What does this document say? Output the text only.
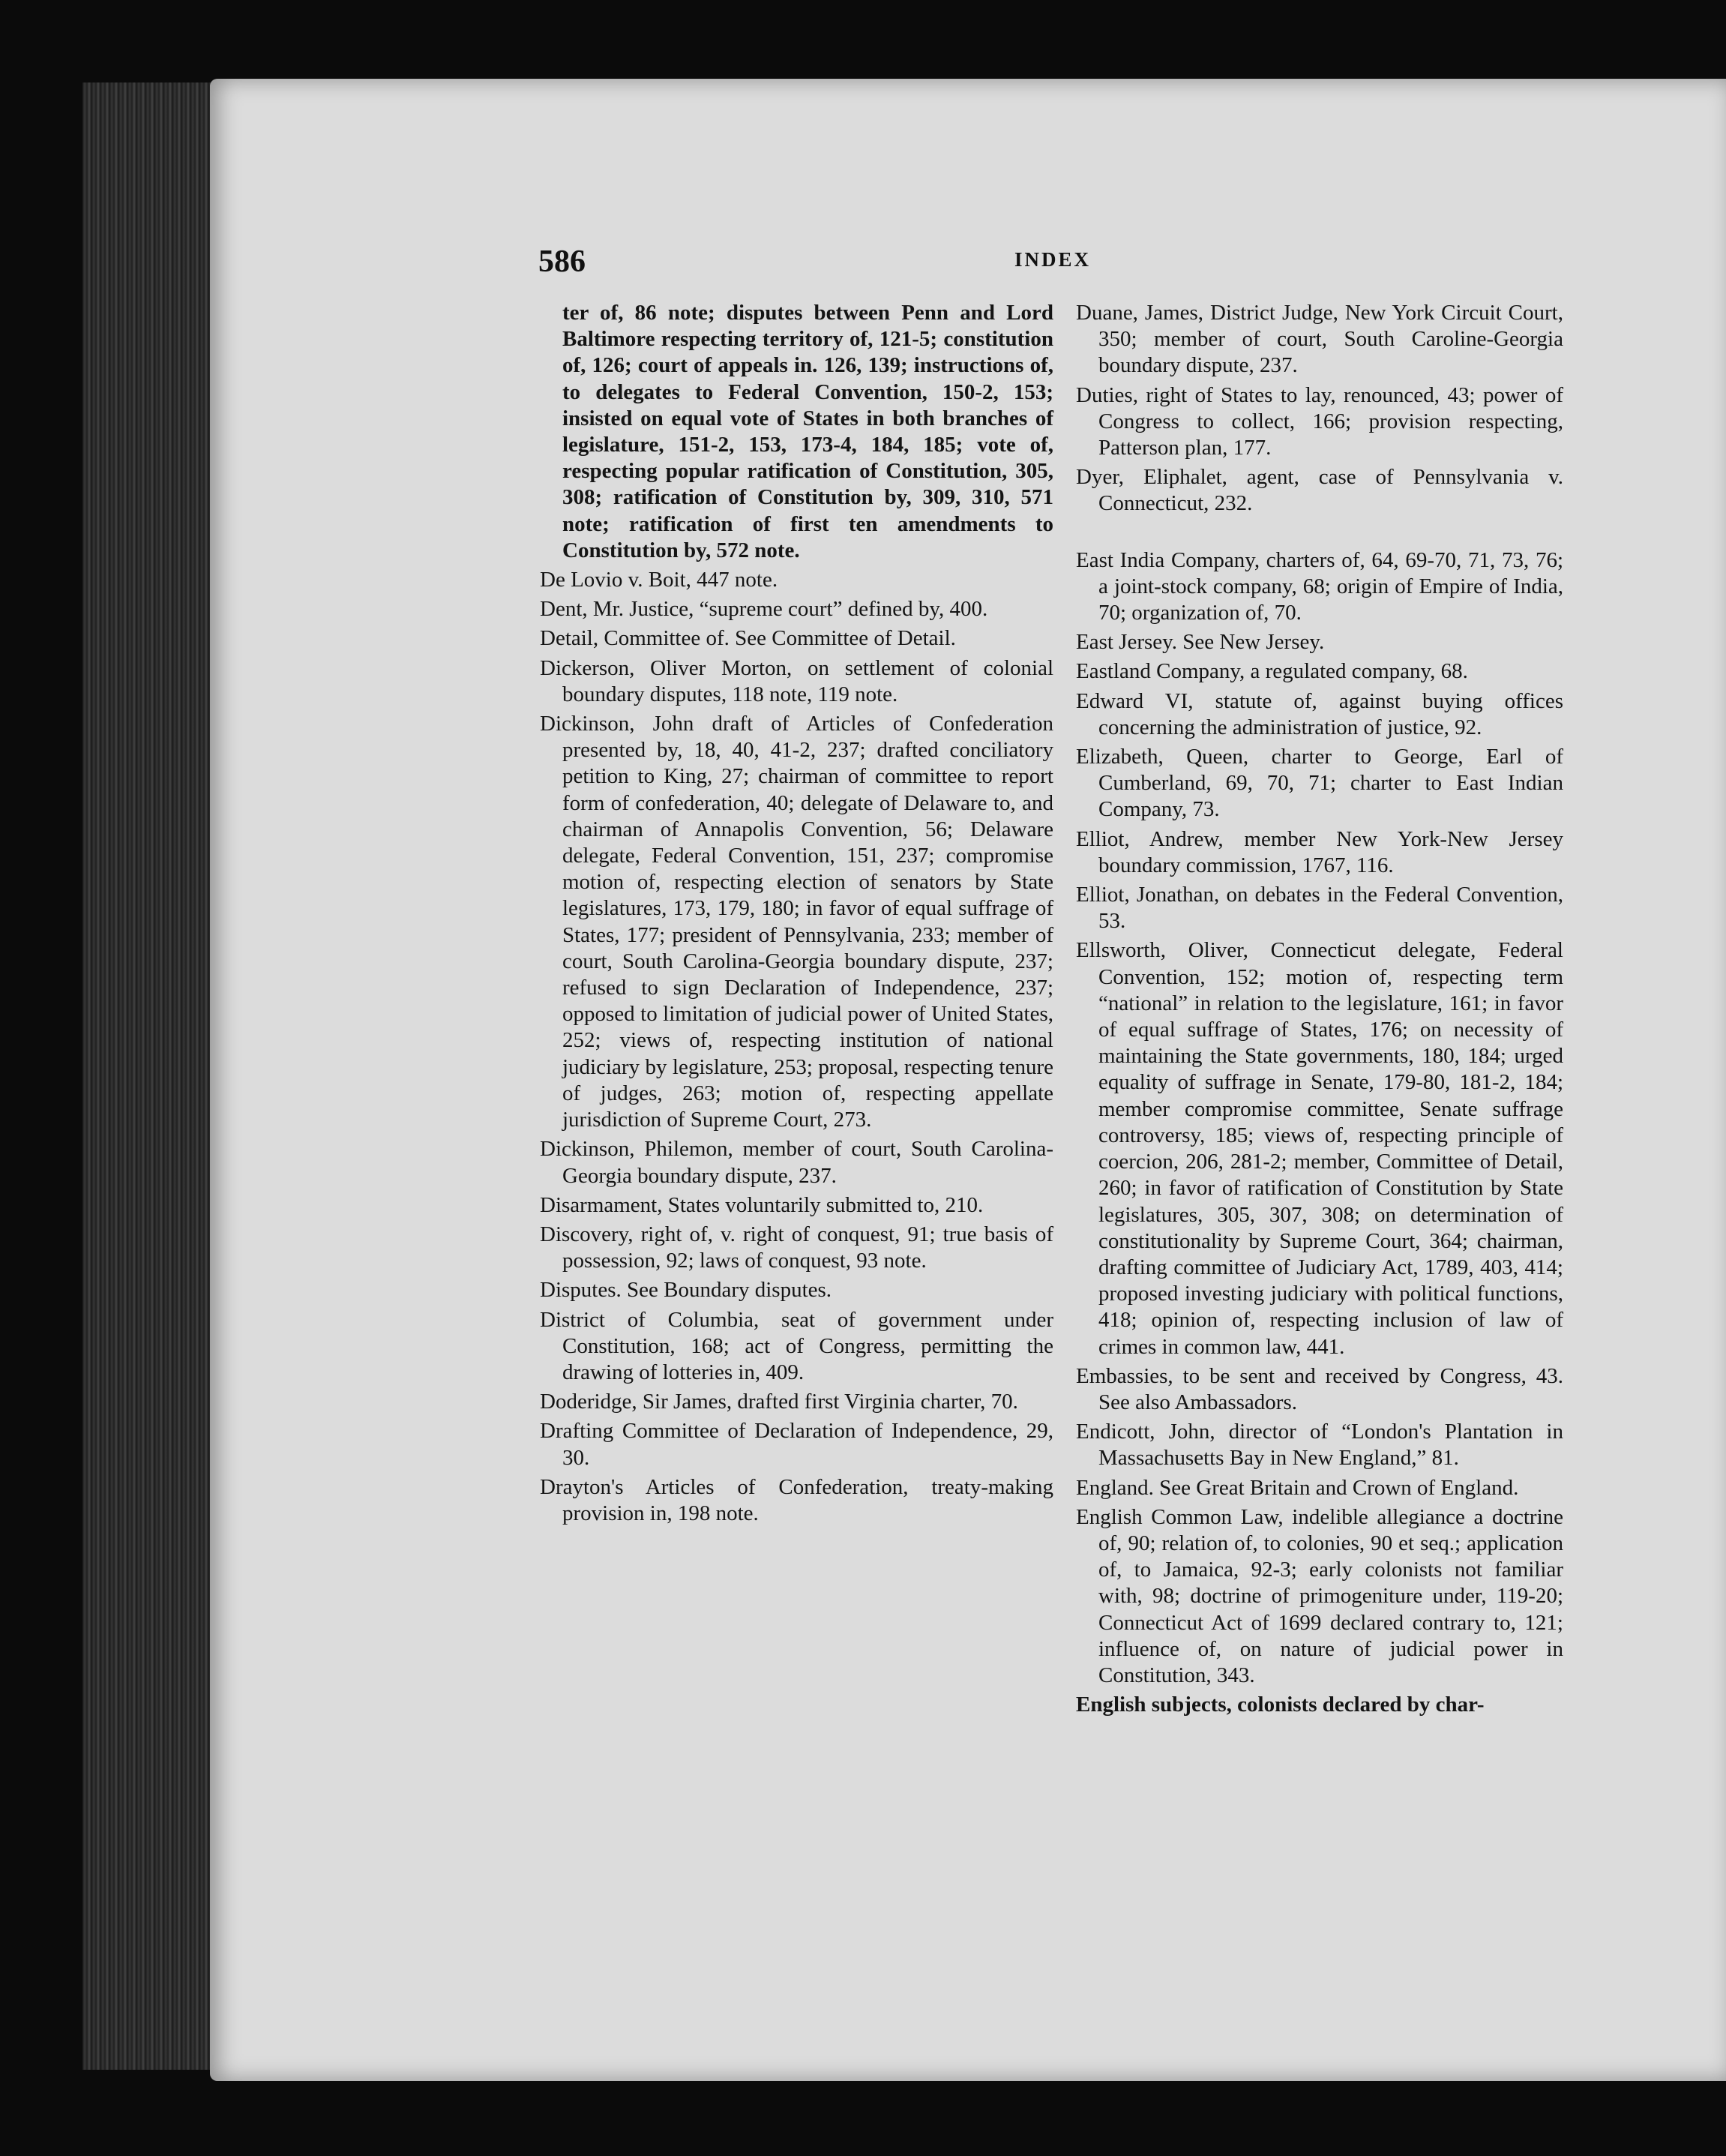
586	INDEX

ter of, 86 note; disputes between Penn and Lord Baltimore respecting territory of, 121-5; constitution of, 126; court of appeals in. 126, 139; instructions of, to delegates to Federal Convention, 150-2, 153; insisted on equal vote of States in both branches of legislature, 151-2, 153, 173-4, 184, 185; vote of, respecting popular ratification of Constitution, 305, 308; ratification of Constitution by, 309, 310, 571 note; ratification of first ten amendments to Constitution by, 572 note.

De Lovio v. Boit, 447 note.

Dent, Mr. Justice, “supreme court” defined by, 400.

Detail, Committee of. See Committee of Detail.

Dickerson, Oliver Morton, on settlement of colonial boundary disputes, 118 note, 119 note.

Dickinson, John draft of Articles of Confederation presented by, 18, 40, 41-2, 237; drafted conciliatory petition to King, 27; chairman of committee to report form of confederation, 40; delegate of Delaware to, and chairman of Annapolis Convention, 56; Delaware delegate, Federal Convention, 151, 237; compromise motion of, respecting election of senators by State legislatures, 173, 179, 180; in favor of equal suffrage of States, 177; president of Pennsylvania, 233; member of court, South Carolina-Georgia boundary dispute, 237; refused to sign Declaration of Independence, 237; opposed to limitation of judicial power of United States, 252; views of, respecting institution of national judiciary by legislature, 253; proposal, respecting tenure of judges, 263; motion of, respecting appellate jurisdiction of Supreme Court, 273.

Dickinson, Philemon, member of court, South Carolina-Georgia boundary dispute, 237.

Disarmament, States voluntarily submitted to, 210.

Discovery, right of, v. right of conquest, 91; true basis of possession, 92; laws of conquest, 93 note.

Disputes. See Boundary disputes.

District of Columbia, seat of government under Constitution, 168; act of Congress, permitting the drawing of lotteries in, 409.

Doderidge, Sir James, drafted first Virginia charter, 70.

Drafting Committee of Declaration of Independence, 29, 30.

Drayton's Articles of Confederation, treaty-making provision in, 198 note.

Duane, James, District Judge, New York Circuit Court, 350; member of court, South Caroline-Georgia boundary dispute, 237.

Duties, right of States to lay, renounced, 43; power of Congress to collect, 166; provision respecting, Patterson plan, 177.

Dyer, Eliphalet, agent, case of Pennsylvania v. Connecticut, 232.

East India Company, charters of, 64, 69-70, 71, 73, 76; a joint-stock company, 68; origin of Empire of India, 70; organization of, 70.

East Jersey. See New Jersey.

Eastland Company, a regulated company, 68.

Edward VI, statute of, against buying offices concerning the administration of justice, 92.

Elizabeth, Queen, charter to George, Earl of Cumberland, 69, 70, 71; charter to East Indian Company, 73.

Elliot, Andrew, member New York-New Jersey boundary commission, 1767, 116.

Elliot, Jonathan, on debates in the Federal Convention, 53.

Ellsworth, Oliver, Connecticut delegate, Federal Convention, 152; motion of, respecting term “national” in relation to the legislature, 161; in favor of equal suffrage of States, 176; on necessity of maintaining the State governments, 180, 184; urged equality of suffrage in Senate, 179-80, 181-2, 184; member compromise committee, Senate suffrage controversy, 185; views of, respecting principle of coercion, 206, 281-2; member, Committee of Detail, 260; in favor of ratification of Constitution by State legislatures, 305, 307, 308; on determination of constitutionality by Supreme Court, 364; chairman, drafting committee of Judiciary Act, 1789, 403, 414; proposed investing judiciary with political functions, 418; opinion of, respecting inclusion of law of crimes in common law, 441.

Embassies, to be sent and received by Congress, 43. See also Ambassadors.

Endicott, John, director of “London's Plantation in Massachusetts Bay in New England,” 81.

England. See Great Britain and Crown of England.

English Common Law, indelible allegiance a doctrine of, 90; relation of, to colonies, 90 et seq.; application of, to Jamaica, 92-3; early colonists not familiar with, 98; doctrine of primogeniture under, 119-20; Connecticut Act of 1699 declared contrary to, 121; influence of, on nature of judicial power in Constitution, 343.

English subjects, colonists declared by char-
